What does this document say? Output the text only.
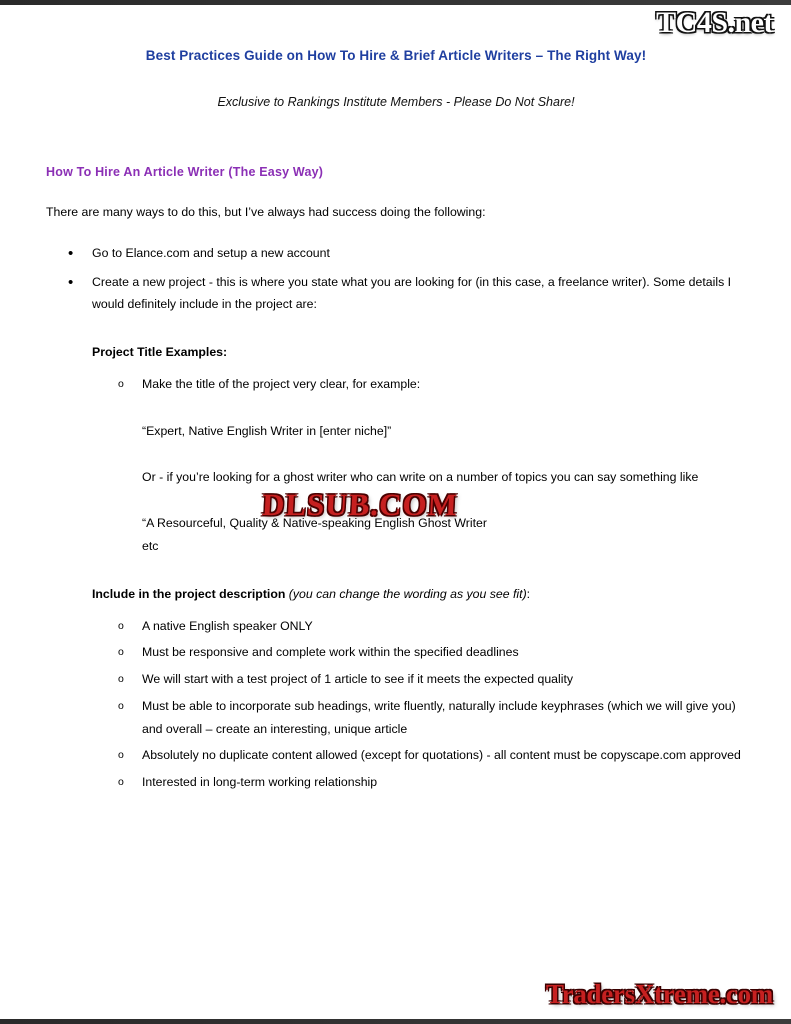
Best Practices Guide on How To Hire & Brief Article Writers – The Right Way!

Exclusive to Rankings Institute Members - Please Do Not Share!

How To Hire An Article Writer (The Easy Way)

There are many ways to do this, but I’ve always had success doing the following:

• Go to Elance.com and setup a new account
• Create a new project - this is where you state what you are looking for (in this case, a freelance writer). Some details I would definitely include in the project are:

Project Title Examples:

o Make the title of the project very clear, for example:
“Expert, Native English Writer in [enter niche]”
Or - if you’re looking for a ghost writer who can write on a number of topics you can say something like
“A Resourceful, Quality & Native-speaking English Ghost Writer
etc

Include in the project description (you can change the wording as you see fit):

o A native English speaker ONLY
o Must be responsive and complete work within the specified deadlines
o We will start with a test project of 1 article to see if it meets the expected quality
o Must be able to incorporate sub headings, write fluently, naturally include keyphrases (which we will give you) and overall – create an interesting, unique article
o Absolutely no duplicate content allowed (except for quotations) - all content must be copyscape.com approved
o Interested in long-term working relationship
TC4S.net
DLSUB.COM
TradersXtreme.com
